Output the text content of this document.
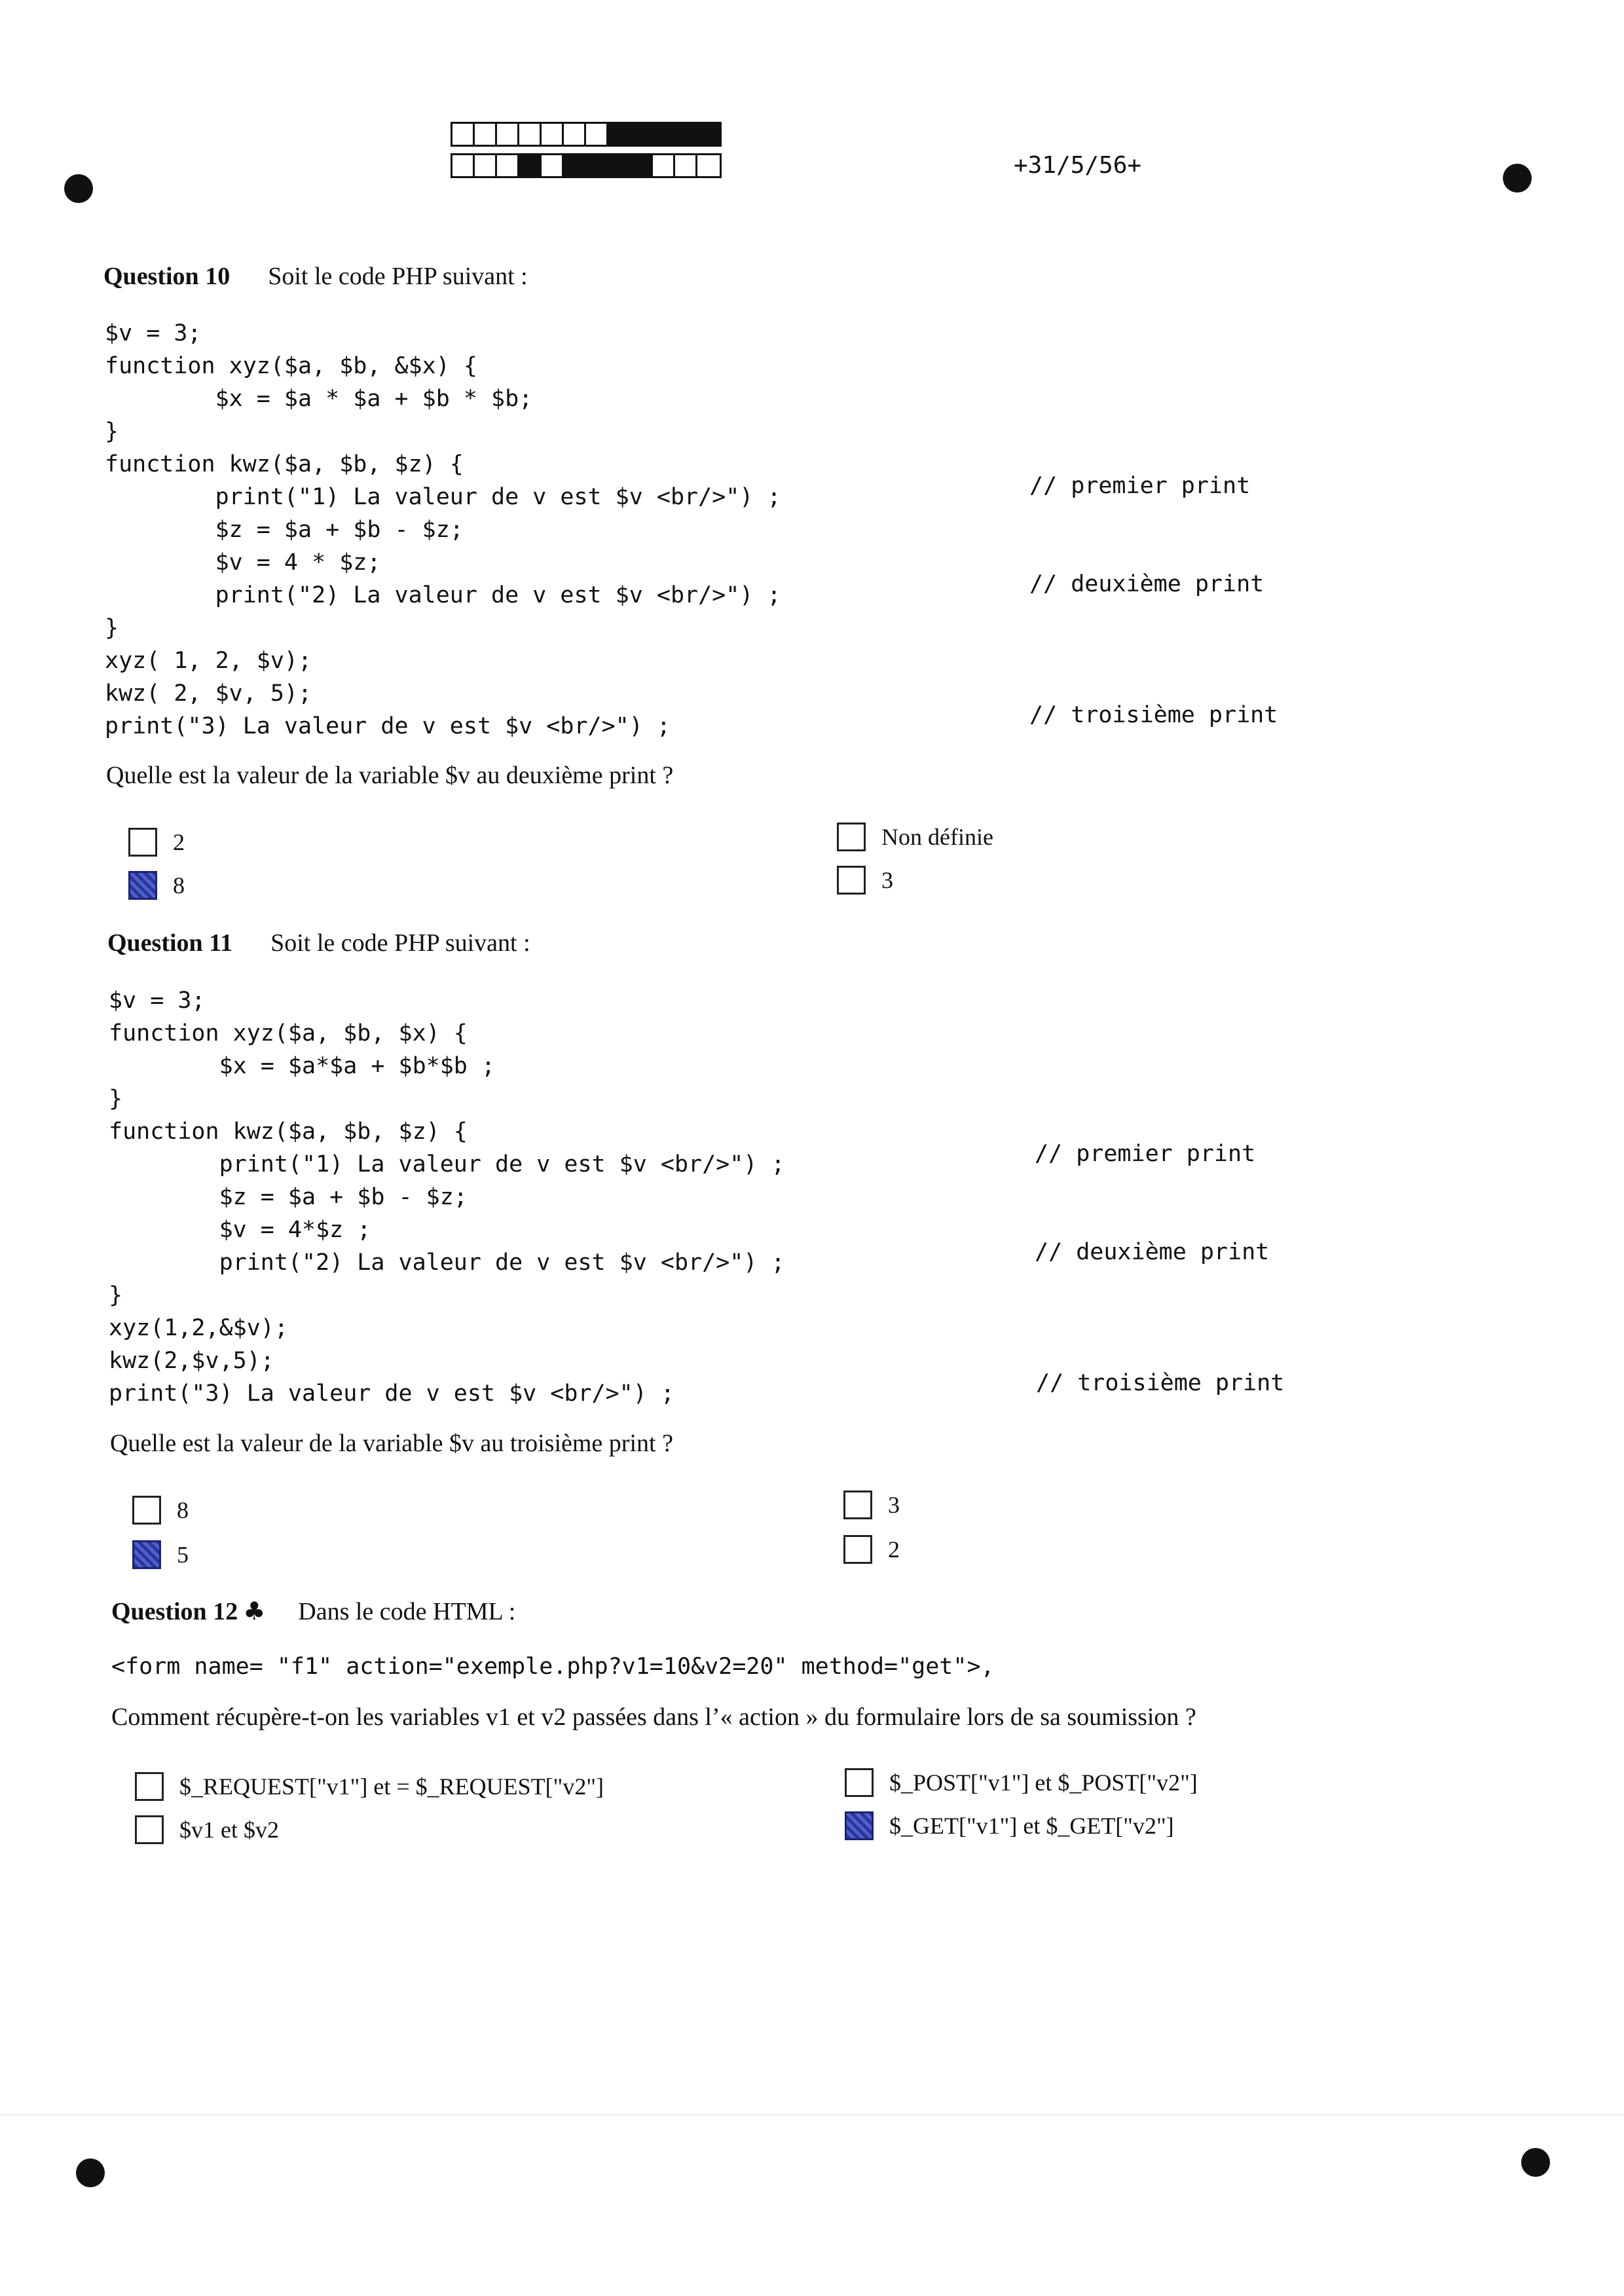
+31/5/56+
Question 10 Soit le code PHP suivant :
$v = 3;
function xyz($a, $b, &$x) {
$x = $a * $a + $b * $b;
}
function kwz($a, $b, $z) {
print("1) La valeur de v est $v <br/>") ;
$z = $a + $b - $z;
$v = 4 * $z;
print("2) La valeur de v est $v <br/>") ;
}
xyz( 1, 2, $v);
kwz( 2, $v, 5);
print("3) La valeur de v est $v <br/>") ;
// premier print
// deuxième print
// troisième print
Quelle est la valeur de la variable $v au deuxième print ?
2
8
Non définie
3
Question 11 Soit le code PHP suivant :
$v = 3;
function xyz($a, $b, $x) {
$x = $a*$a + $b*$b ;
}
function kwz($a, $b, $z) {
print("1) La valeur de v est $v <br/>") ;
$z = $a + $b - $z;
$v = 4*$z ;
print("2) La valeur de v est $v <br/>") ;
}
xyz(1,2,&$v);
kwz(2,$v,5);
print("3) La valeur de v est $v <br/>") ;
// premier print
// deuxième print
// troisième print
Quelle est la valeur de la variable $v au troisième print ?
8
5
3
2
Question 12 ♣ Dans le code HTML :
<form name= "f1" action="exemple.php?v1=10&v2=20" method="get">,
Comment récupère-t-on les variables v1 et v2 passées dans l’« action » du formulaire lors de sa soumission ?
$_REQUEST["v1"] et = $_REQUEST["v2"]
$v1 et $v2
$_POST["v1"] et $_POST["v2"]
$_GET["v1"] et $_GET["v2"]
